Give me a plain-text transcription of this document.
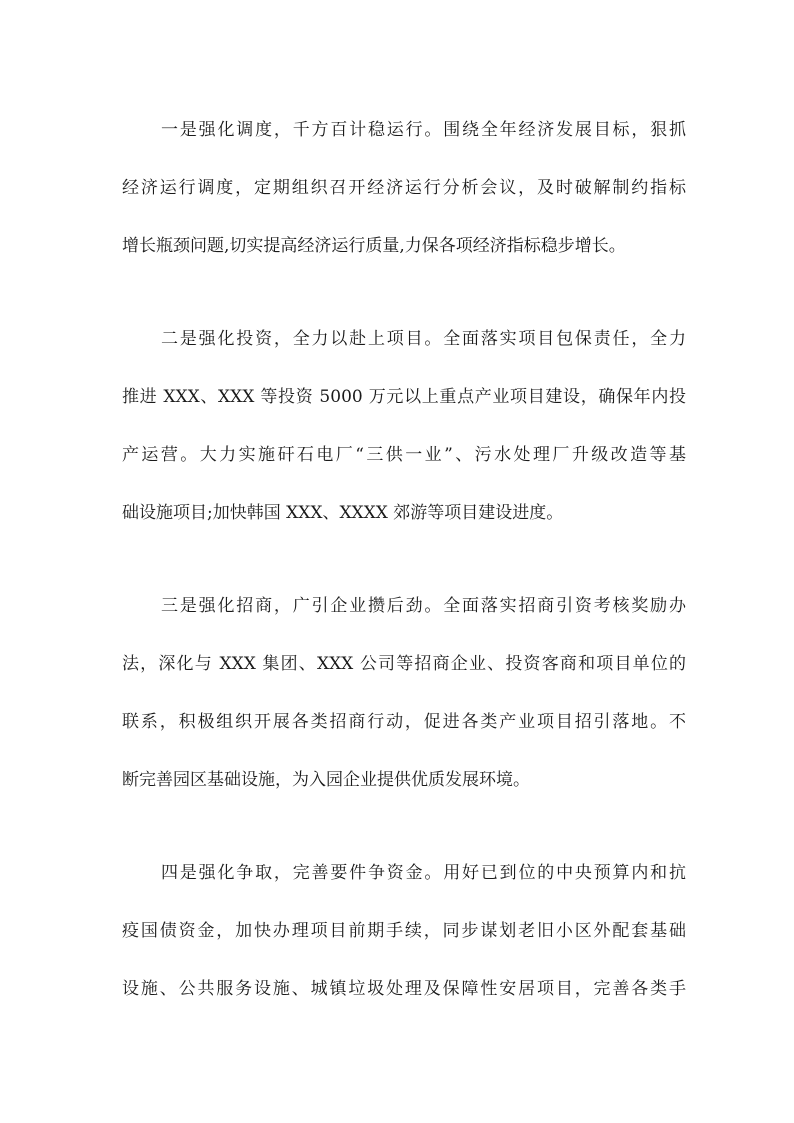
一是强化调度，千方百计稳运行。围绕全年经济发展目标，狠抓
经济运行调度，定期组织召开经济运行分析会议，及时破解制约指标
增长瓶颈问题,切实提高经济运行质量,力保各项经济指标稳步增长。
二是强化投资，全力以赴上项目。全面落实项目包保责任，全力
推进 XXX、XXX 等投资 5000 万元以上重点产业项目建设，确保年内投
产运营。大力实施矸石电厂“三供一业”、污水处理厂升级改造等基
础设施项目;加快韩国 XXX、XXXX 郊游等项目建设进度。
三是强化招商，广引企业攒后劲。全面落实招商引资考核奖励办
法，深化与 XXX 集团、XXX 公司等招商企业、投资客商和项目单位的
联系，积极组织开展各类招商行动，促进各类产业项目招引落地。不
断完善园区基础设施，为入园企业提供优质发展环境。
四是强化争取，完善要件争资金。用好已到位的中央预算内和抗
疫国债资金，加快办理项目前期手续，同步谋划老旧小区外配套基础
设施、公共服务设施、城镇垃圾处理及保障性安居项目，完善各类手
